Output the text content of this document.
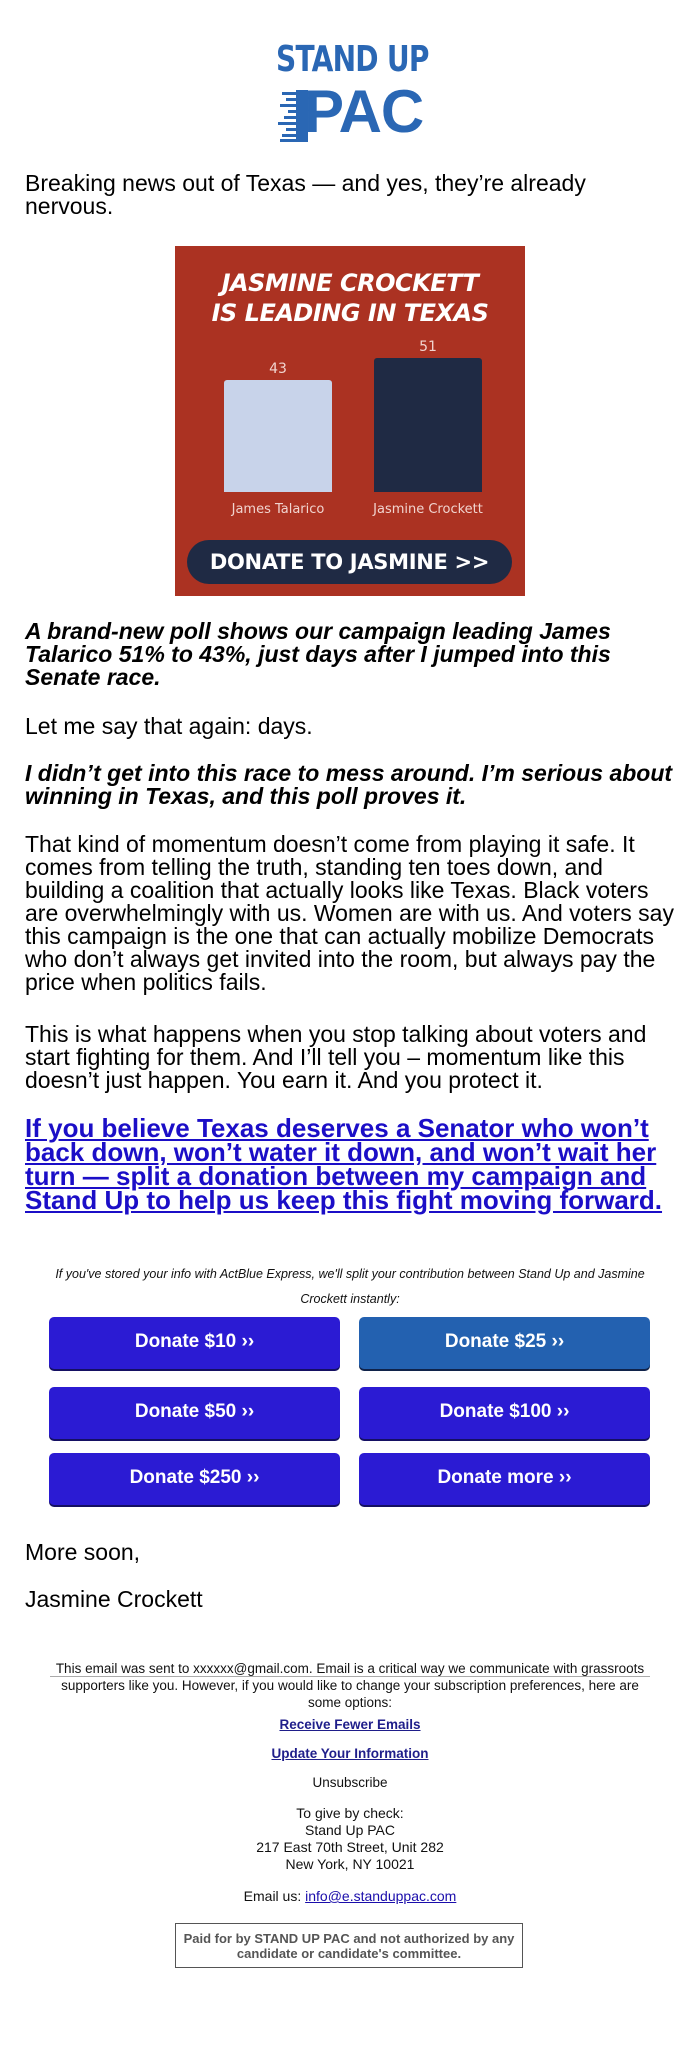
STAND UP
PAC
Breaking news out of Texas — and yes, they’re already nervous.
JASMINE CROCKETT
IS LEADING IN TEXAS
43
51
James Talarico	Jasmine Crockett
DONATE TO JASMINE >>
A brand-new poll shows our campaign leading James Talarico 51% to 43%, just days after I jumped into this Senate race.
Let me say that again: days.
I didn’t get into this race to mess around. I’m serious about winning in Texas, and this poll proves it.
That kind of momentum doesn’t come from playing it safe. It comes from telling the truth, standing ten toes down, and building a coalition that actually looks like Texas. Black voters are overwhelmingly with us. Women are with us. And voters say this campaign is the one that can actually mobilize Democrats who don’t always get invited into the room, but always pay the price when politics fails.
This is what happens when you stop talking about voters and start fighting for them. And I’ll tell you – momentum like this doesn’t just happen. You earn it. And you protect it.
If you believe Texas deserves a Senator who won’t back down, won’t water it down, and won’t wait her turn — split a donation between my campaign and Stand Up to help us keep this fight moving forward.
If you've stored your info with ActBlue Express, we'll split your contribution between Stand Up and Jasmine Crockett instantly:
Donate $10 ››	Donate $25 ››
Donate $50 ››	Donate $100 ››
Donate $250 ››	Donate more ››
More soon,
Jasmine Crockett
This email was sent to xxxxxx@gmail.com. Email is a critical way we communicate with grassroots supporters like you. However, if you would like to change your subscription preferences, here are some options:
Receive Fewer Emails
Update Your Information
Unsubscribe
To give by check:
Stand Up PAC
217 East 70th Street, Unit 282
New York, NY 10021
Email us: info@e.standuppac.com
Paid for by STAND UP PAC and not authorized by any candidate or candidate's committee.
